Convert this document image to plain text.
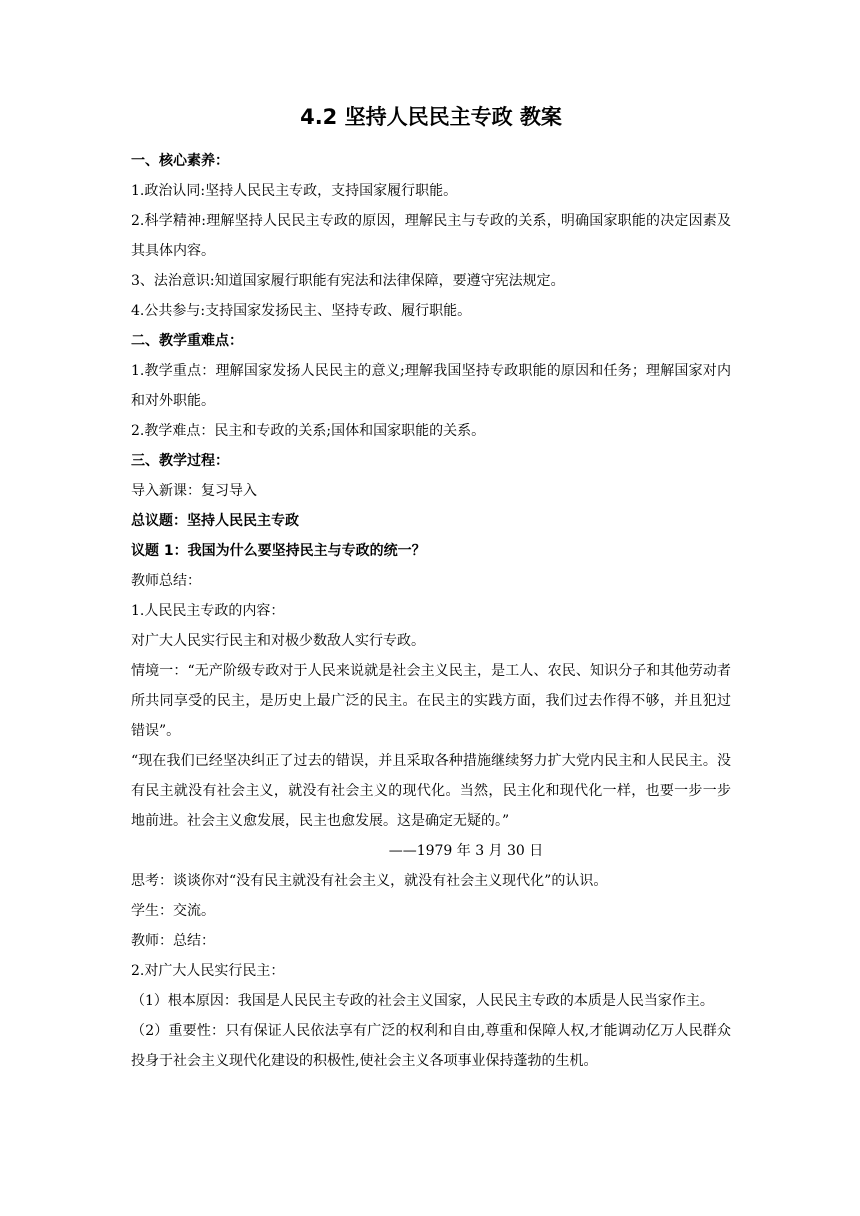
4.2 坚持人民民主专政 教案

一、核心素养：

1.政治认同:坚持人民民主专政，支持国家履行职能。

2.科学精神:理解坚持人民民主专政的原因，理解民主与专政的关系，明确国家职能的决定因素及其具体内容。

3、法治意识:知道国家履行职能有宪法和法律保障，要遵守宪法规定。

4.公共参与:支持国家发扬民主、坚持专政、履行职能。

二、教学重难点：

1.教学重点：理解国家发扬人民民主的意义;理解我国坚持专政职能的原因和任务；理解国家对内和对外职能。

2.教学难点：民主和专政的关系;国体和国家职能的关系。

三、教学过程：

导入新课：复习导入

总议题：坚持人民民主专政

议题 1：我国为什么要坚持民主与专政的统一？

教师总结：

1.人民民主专政的内容：

对广大人民实行民主和对极少数敌人实行专政。

情境一：“无产阶级专政对于人民来说就是社会主义民主，是工人、农民、知识分子和其他劳动者所共同享受的民主，是历史上最广泛的民主。在民主的实践方面，我们过去作得不够，并且犯过错误”。

“现在我们已经坚决纠正了过去的错误，并且采取各种措施继续努力扩大党内民主和人民民主。没有民主就没有社会主义，就没有社会主义的现代化。当然，民主化和现代化一样，也要一步一步地前进。社会主义愈发展，民主也愈发展。这是确定无疑的。”

——1979 年 3 月 30 日

思考：谈谈你对“没有民主就没有社会主义，就没有社会主义现代化”的认识。

学生：交流。

教师：总结：

2.对广大人民实行民主：

（1）根本原因：我国是人民民主专政的社会主义国家，人民民主专政的本质是人民当家作主。

（2）重要性：只有保证人民依法享有广泛的权利和自由,尊重和保障人权,才能调动亿万人民群众投身于社会主义现代化建设的积极性,使社会主义各项事业保持蓬勃的生机。
